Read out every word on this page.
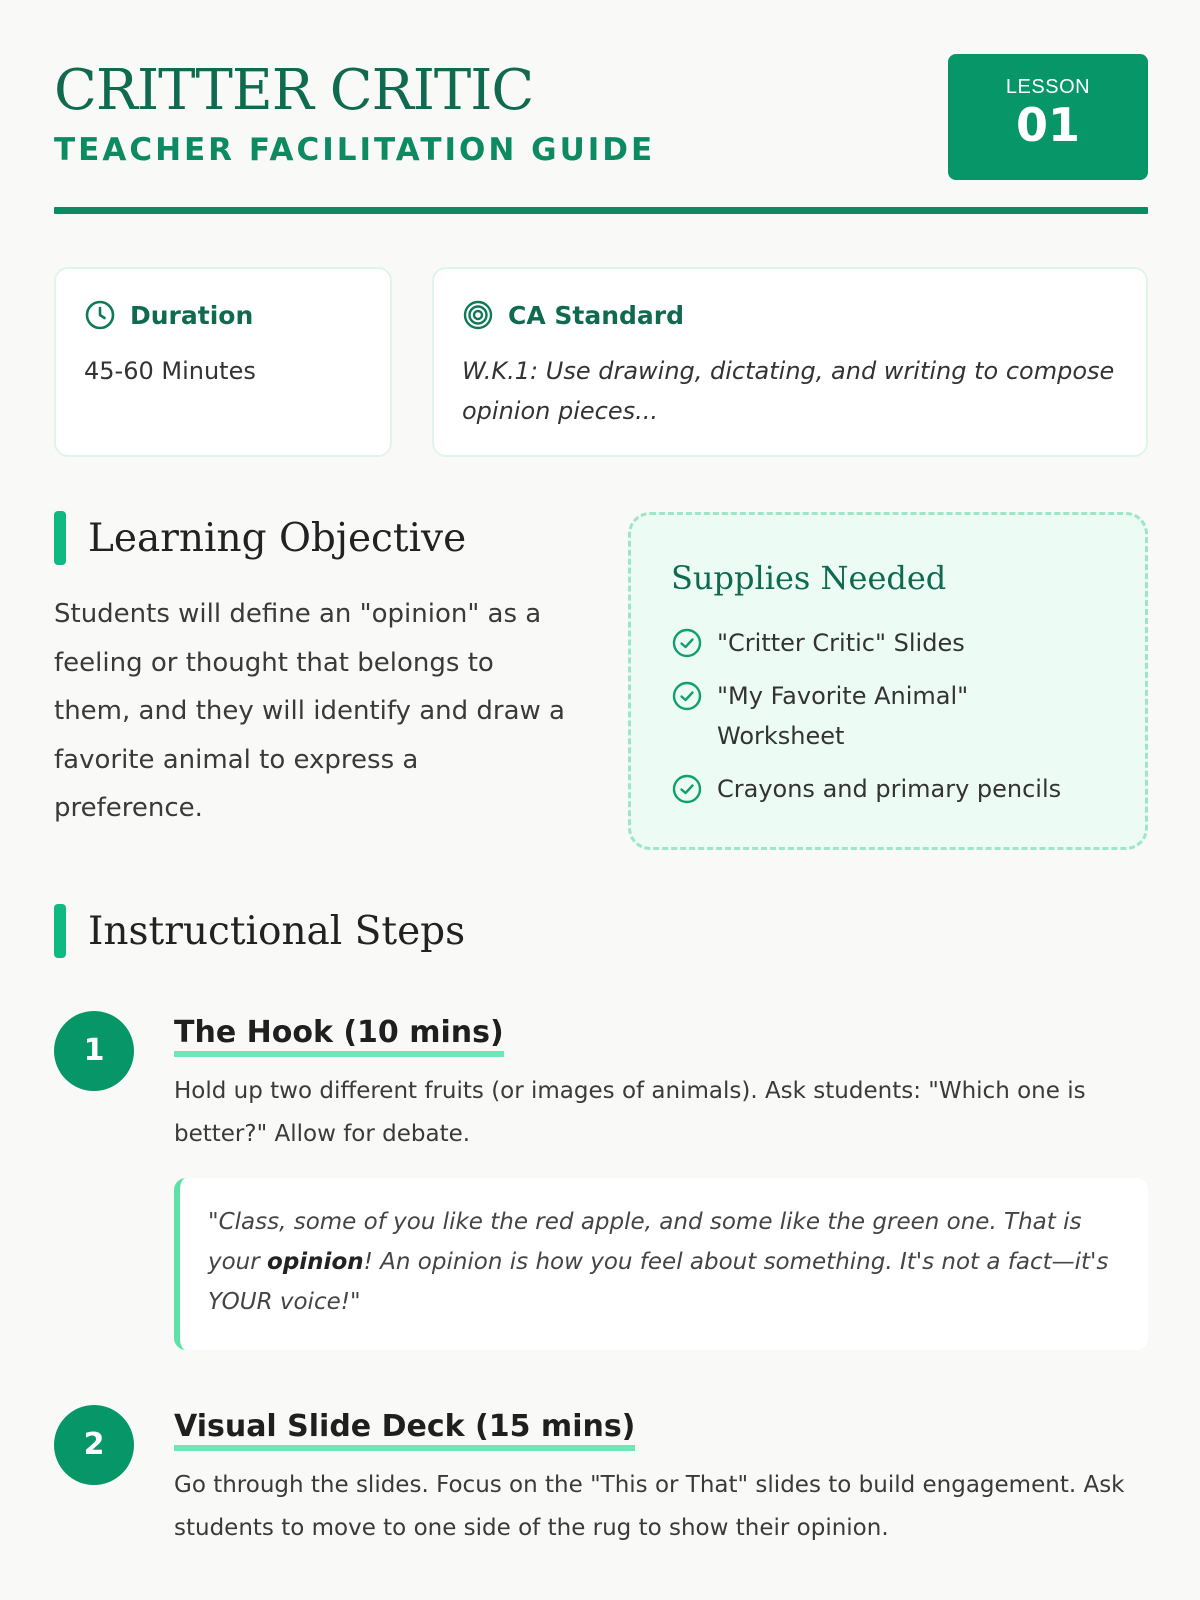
CRITTER CRITIC
TEACHER FACILITATION GUIDE
LESSON
01
Duration
45-60 Minutes
CA Standard
W.K.1: Use drawing, dictating, and writing to compose opinion pieces...
Learning Objective
Students will define an "opinion" as a feeling or thought that belongs to them, and they will identify and draw a favorite animal to express a preference.
Supplies Needed
"Critter Critic" Slides
"My Favorite Animal" Worksheet
Crayons and primary pencils
Instructional Steps
1
The Hook (10 mins)
Hold up two different fruits (or images of animals). Ask students: "Which one is better?" Allow for debate.
"Class, some of you like the red apple, and some like the green one. That is your opinion! An opinion is how you feel about something. It's not a fact—it's YOUR voice!"
2
Visual Slide Deck (15 mins)
Go through the slides. Focus on the "This or That" slides to build engagement. Ask students to move to one side of the rug to show their opinion.
